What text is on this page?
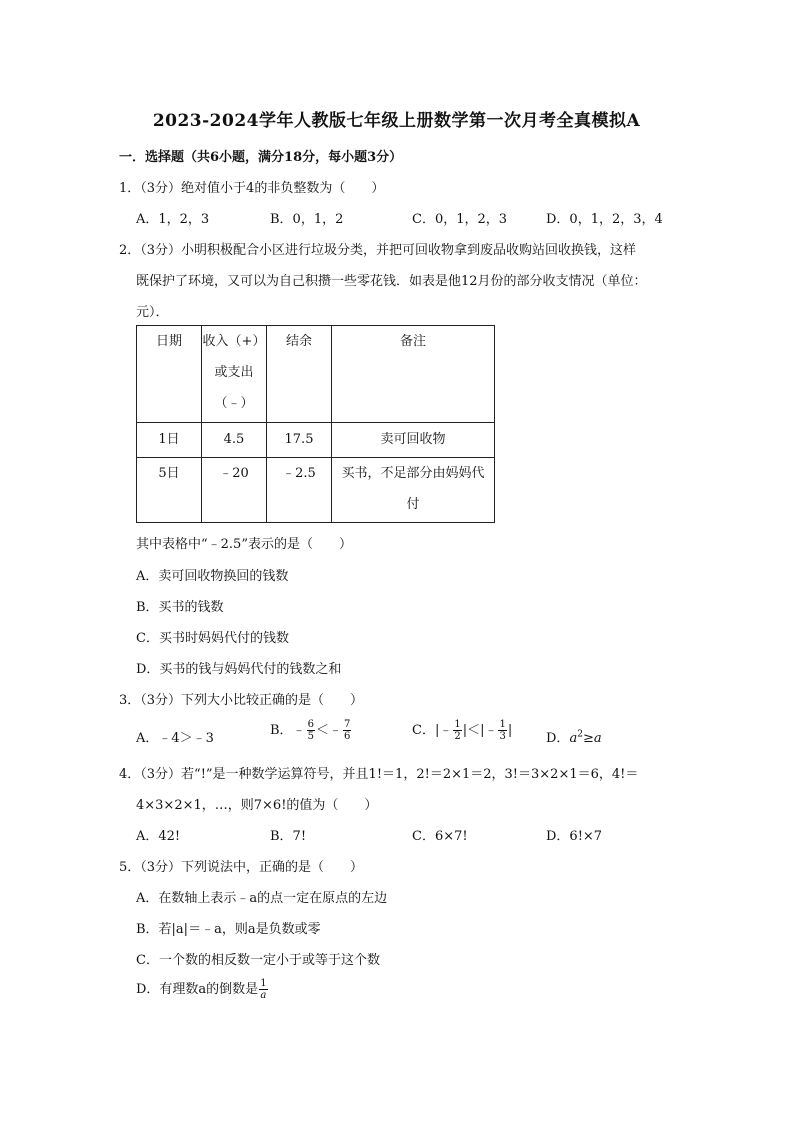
2023-2024学年人教版七年级上册数学第一次月考全真模拟A
一．选择题（共6小题，满分18分，每小题3分）
1．（3分）绝对值小于4的非负整数为（　　）
A．1，2，3	B．0，1，2	C．0，1，2，3	D．0，1，2，3，4
2．（3分）小明积极配合小区进行垃圾分类，并把可回收物拿到废品收购站回收换钱，这样
既保护了环境，又可以为自己积攒一些零花钱．如表是他12月份的部分收支情况（单位：
元）．
日期	收入（+）
或支出
（﹣）	结余	备注
1日	4.5	17.5	卖可回收物
5日	﹣20	﹣2.5	买书，不足部分由妈妈代
付
其中表格中“﹣2.5”表示的是（　　）
A．卖可回收物换回的钱数
B．买书的钱数
C．买书时妈妈代付的钱数
D．买书的钱与妈妈代付的钱数之和
3．（3分）下列大小比较正确的是（　　）
A．﹣4＞﹣3
B．﹣ $\frac{6}{5}$ ＜﹣ $\frac{7}{6}$	C．|﹣ $\frac{1}{2}$ |＜|﹣ $\frac{1}{3}$ |
D．$a^2\ge a$
4．（3分）若“!”是一种数学运算符号，并且1!＝1，2!＝2×1＝2，3!＝3×2×1＝6，4!＝
4×3×2×1，…，则7×6!的值为（　　）
A．42!	B．7!	C．6×7!	D．6!×7
5．（3分）下列说法中，正确的是（　　）
A．在数轴上表示﹣a的点一定在原点的左边
B．若|a|＝﹣a，则a是负数或零
C．一个数的相反数一定小于或等于这个数
D．有理数a的倒数是 $\frac{1}{a}$
